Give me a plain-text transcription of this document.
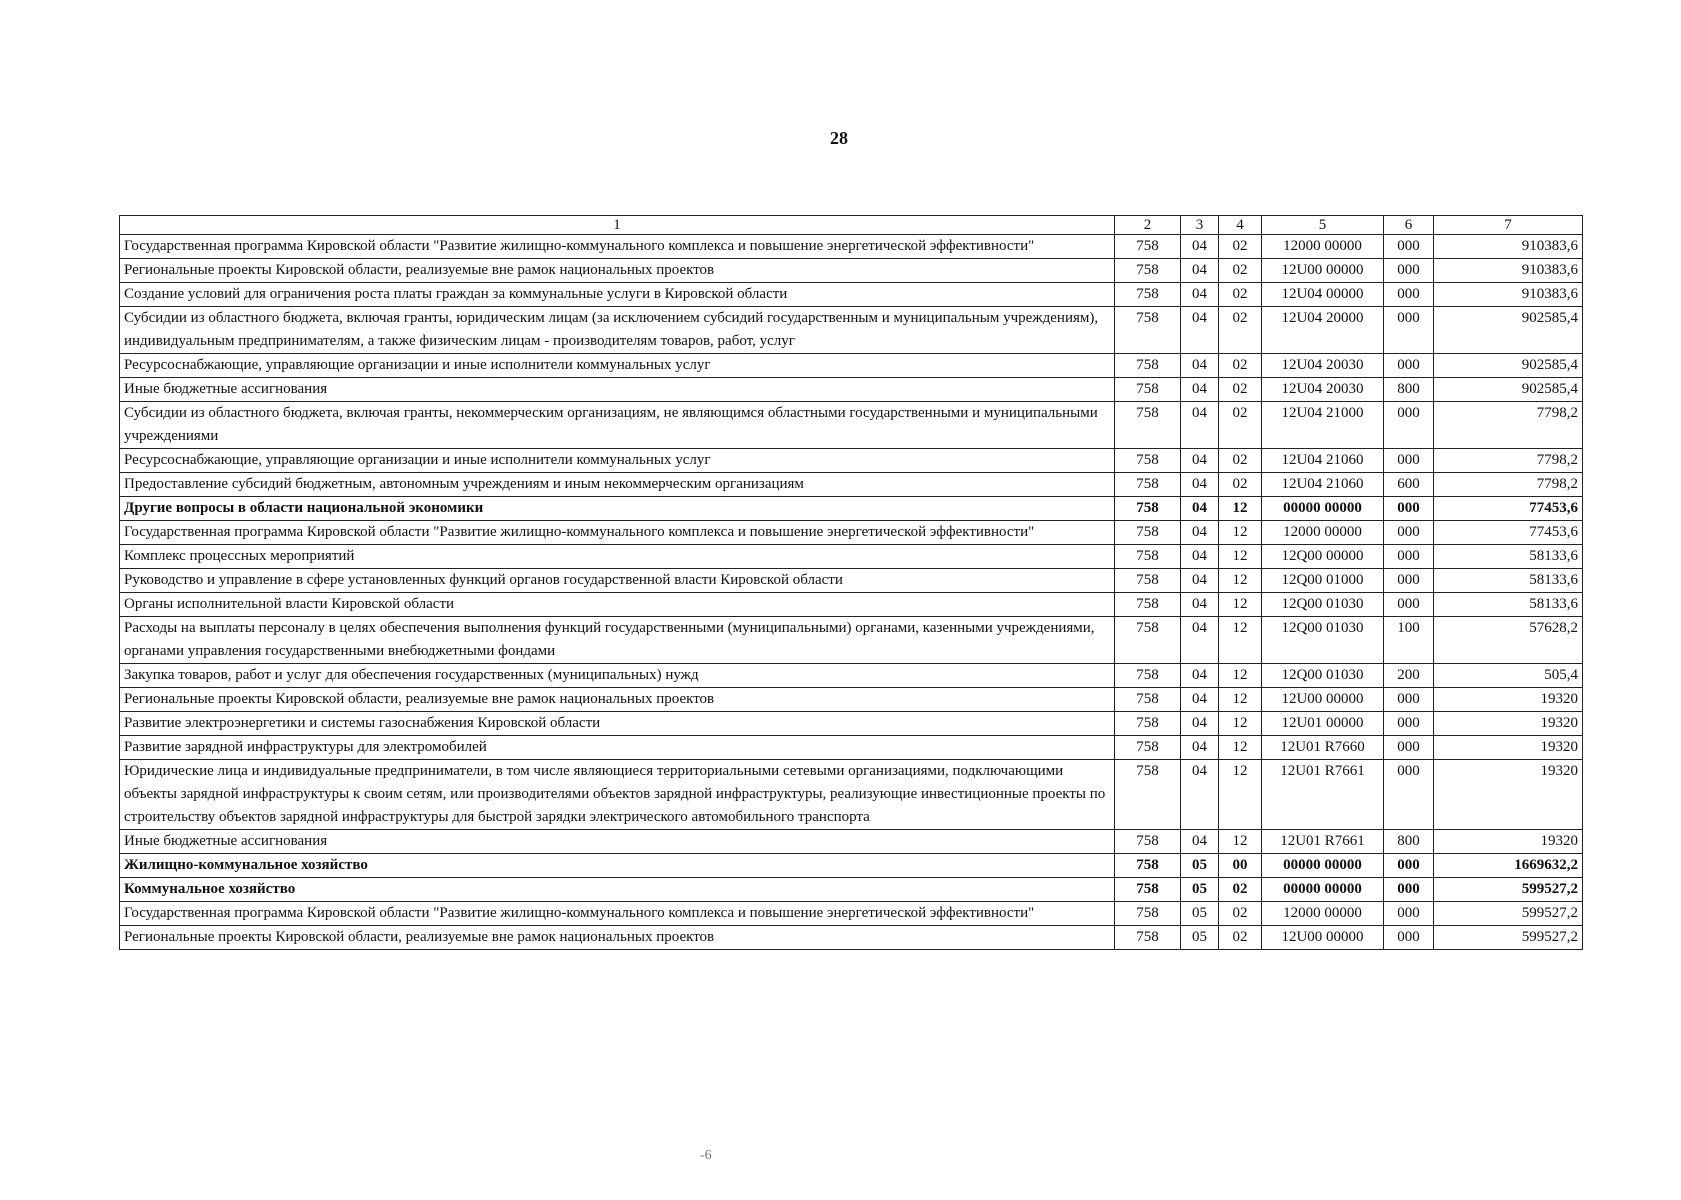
28
1	2	3	4	5	6	7
Государственная программа Кировской области "Развитие жилищно-коммунального комплекса и повышение энергетической эффективности"	758	04	02	12000 00000	000	910383,6
Региональные проекты Кировской области, реализуемые вне рамок национальных проектов	758	04	02	12U00 00000	000	910383,6
Создание условий для ограничения роста платы граждан за коммунальные услуги в Кировской области	758	04	02	12U04 00000	000	910383,6
Субсидии из областного бюджета, включая гранты, юридическим лицам (за исключением субсидий государственным и муниципальным учреждениям), индивидуальным предпринимателям, а также физическим лицам - производителям товаров, работ, услуг	758	04	02	12U04 20000	000	902585,4
Ресурсоснабжающие, управляющие организации и иные исполнители коммунальных услуг	758	04	02	12U04 20030	000	902585,4
Иные бюджетные ассигнования	758	04	02	12U04 20030	800	902585,4
Субсидии из областного бюджета, включая гранты, некоммерческим организациям, не являющимся областными государственными и муниципальными учреждениями	758	04	02	12U04 21000	000	7798,2
Ресурсоснабжающие, управляющие организации и иные исполнители коммунальных услуг	758	04	02	12U04 21060	000	7798,2
Предоставление субсидий бюджетным, автономным учреждениям и иным некоммерческим организациям	758	04	02	12U04 21060	600	7798,2
Другие вопросы в области национальной экономики	758	04	12	00000 00000	000	77453,6
Государственная программа Кировской области "Развитие жилищно-коммунального комплекса и повышение энергетической эффективности"	758	04	12	12000 00000	000	77453,6
Комплекс процессных мероприятий	758	04	12	12Q00 00000	000	58133,6
Руководство и управление в сфере установленных функций органов государственной власти Кировской области	758	04	12	12Q00 01000	000	58133,6
Органы исполнительной власти Кировской области	758	04	12	12Q00 01030	000	58133,6
Расходы на выплаты персоналу в целях обеспечения выполнения функций государственными (муниципальными) органами, казенными учреждениями, органами управления государственными внебюджетными фондами	758	04	12	12Q00 01030	100	57628,2
Закупка товаров, работ и услуг для обеспечения государственных (муниципальных) нужд	758	04	12	12Q00 01030	200	505,4
Региональные проекты Кировской области, реализуемые вне рамок национальных проектов	758	04	12	12U00 00000	000	19320
Развитие электроэнергетики и системы газоснабжения Кировской области	758	04	12	12U01 00000	000	19320
Развитие зарядной инфраструктуры для электромобилей	758	04	12	12U01 R7660	000	19320
Юридические лица и индивидуальные предприниматели, в том числе являющиеся территориальными сетевыми организациями, подключающими объекты зарядной инфраструктуры к своим сетям, или производителями объектов зарядной инфраструктуры, реализующие инвестиционные проекты по строительству объектов зарядной инфраструктуры для быстрой зарядки электрического автомобильного транспорта	758	04	12	12U01 R7661	000	19320
Иные бюджетные ассигнования	758	04	12	12U01 R7661	800	19320
Жилищно-коммунальное хозяйство	758	05	00	00000 00000	000	1669632,2
Коммунальное хозяйство	758	05	02	00000 00000	000	599527,2
Государственная программа Кировской области "Развитие жилищно-коммунального комплекса и повышение энергетической эффективности"	758	05	02	12000 00000	000	599527,2
Региональные проекты Кировской области, реализуемые вне рамок национальных проектов	758	05	02	12U00 00000	000	599527,2
-6
